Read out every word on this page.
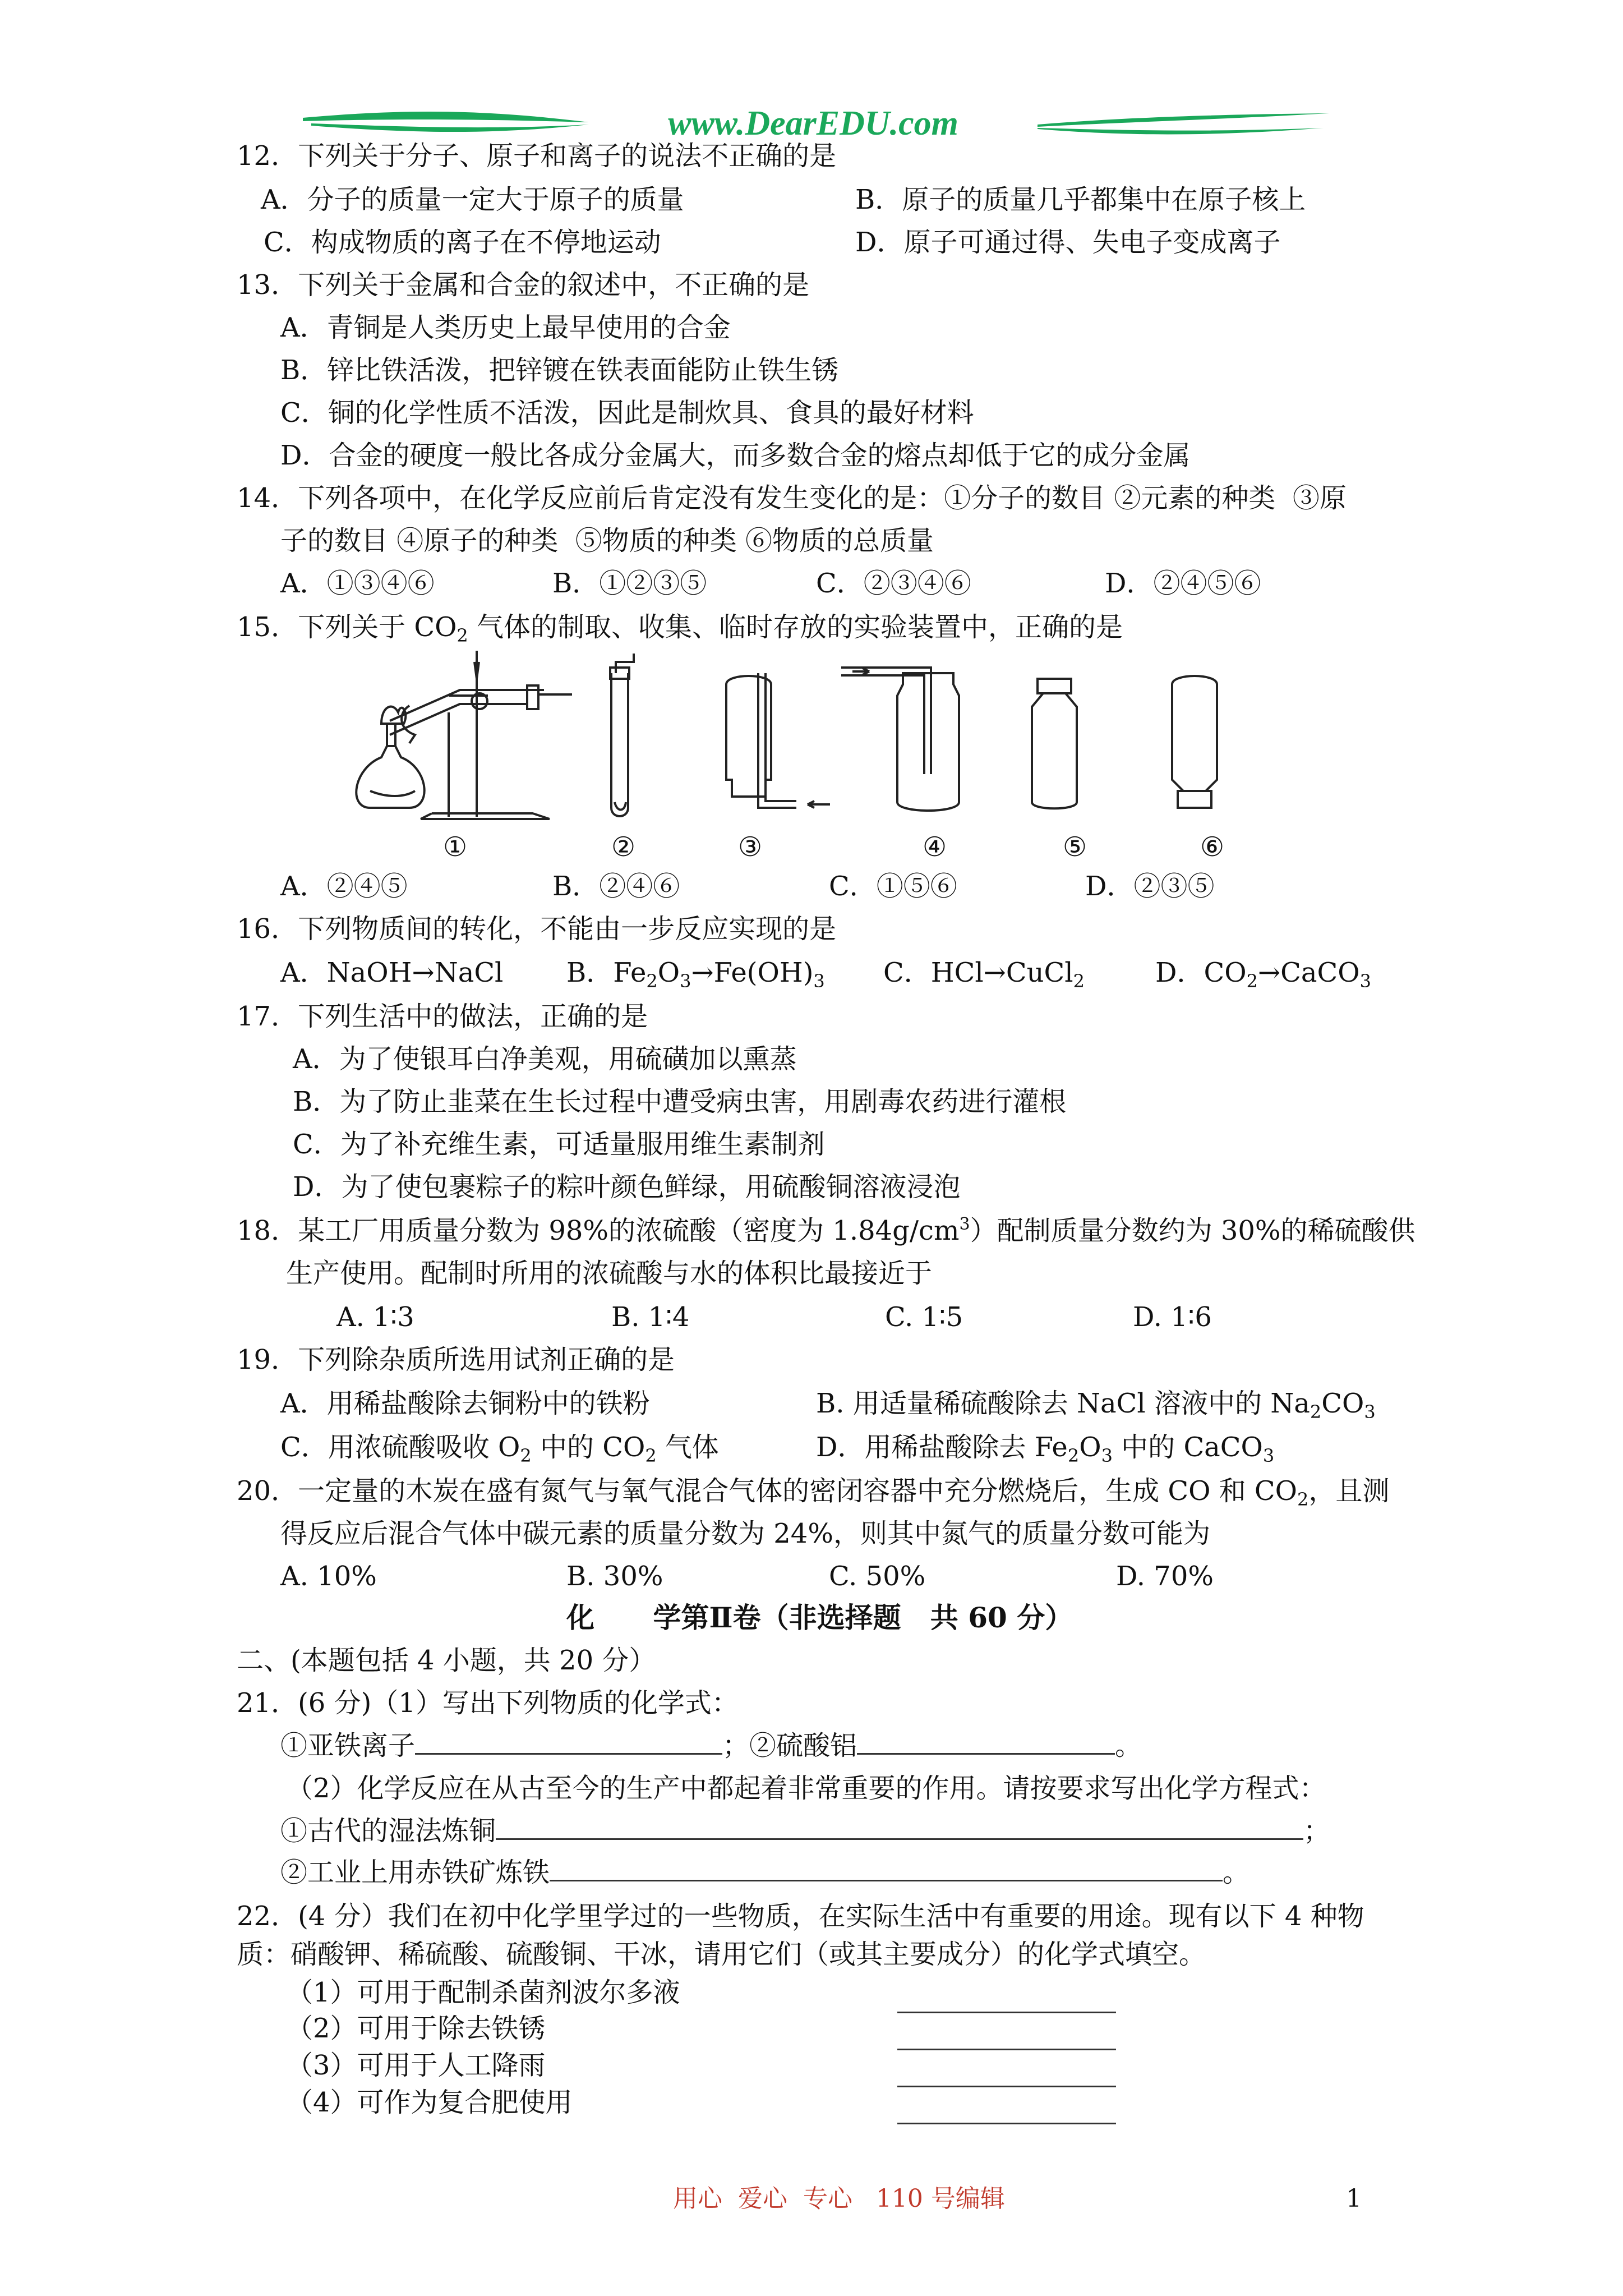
www.DearEDU.com
12．下列关于分子、原子和离子的说法不正确的是
A．分子的质量一定大于原子的质量	B．原子的质量几乎都集中在原子核上
C．构成物质的离子在不停地运动	D．原子可通过得、失电子变成离子
13．下列关于金属和合金的叙述中，不正确的是
A．青铜是人类历史上最早使用的合金
B．锌比铁活泼，把锌镀在铁表面能防止铁生锈
C．铜的化学性质不活泼，因此是制炊具、食具的最好材料
D．合金的硬度一般比各成分金属大，而多数合金的熔点却低于它的成分金属
14．下列各项中，在化学反应前后肯定没有发生变化的是：①分子的数目 ②元素的种类  ③原
子的数目 ④原子的种类  ⑤物质的种类 ⑥物质的总质量
A．①③④⑥	B．①②③⑤	C．②③④⑥	D．②④⑤⑥
15．下列关于 $CO_2$ 气体的制取、收集、临时存放的实验装置中，正确的是
①	②	③	④	⑤	⑥
A．②④⑤	B．②④⑥	C．①⑤⑥	D．②③⑤
16．下列物质间的转化，不能由一步反应实现的是
A．NaOH→NaCl B．$Fe_2O_3\to Fe(OH)_3$ C．HCl→CuCl$_2$	D．$CO_2\to CaCO_3$
17．下列生活中的做法，正确的是
A．为了使银耳白净美观，用硫磺加以熏蒸
B．为了防止韭菜在生长过程中遭受病虫害，用剧毒农药进行灌根
C．为了补充维生素，可适量服用维生素制剂
D．为了使包裹粽子的粽叶颜色鲜绿，用硫酸铜溶液浸泡
18．某工厂用质量分数为 98%的浓硫酸（密度为 $1.84g/cm^3$）配制质量分数约为 30%的稀硫酸供
生产使用。配制时所用的浓硫酸与水的体积比最接近于
A. 1∶3	B. 1∶4	C. 1∶5	D. 1∶6
19．下列除杂质所选用试剂正确的是
A．用稀盐酸除去铜粉中的铁粉	B. 用适量稀硫酸除去 NaCl 溶液中的 $Na_2CO_3$
C．用浓硫酸吸收 $O_2$ 中的 $CO_2$ 气体	D．用稀盐酸除去 $Fe_2O_3$ 中的 CaCO$_3$
20．一定量的木炭在盛有氮气与氧气混合气体的密闭容器中充分燃烧后，生成 CO 和 $CO_2$，且测
得反应后混合气体中碳元素的质量分数为 24%，则其中氮气的质量分数可能为
A. 10%	B. 30%	C. 50%	D. 70%
化      学第Ⅱ卷（非选择题   共 60 分）
二、(本题包括 4 小题，共 20 分）
21．(6 分)（1）写出下列物质的化学式：
①亚铁离子	；②硫酸铝	。
（2）化学反应在从古至今的生产中都起着非常重要的作用。请按要求写出化学方程式：
①古代的湿法炼铜	；
②工业上用赤铁矿炼铁	。
22．(4 分）我们在初中化学里学过的一些物质，在实际生活中有重要的用途。现有以下 4 种物
质：硝酸钾、稀硫酸、硫酸铜、干冰，请用它们（或其主要成分）的化学式填空。
（1）可用于配制杀菌剂波尔多液
（2）可用于除去铁锈
（3）可用于人工降雨
（4）可作为复合肥使用
用心  爱心  专心   110 号编辑	1
